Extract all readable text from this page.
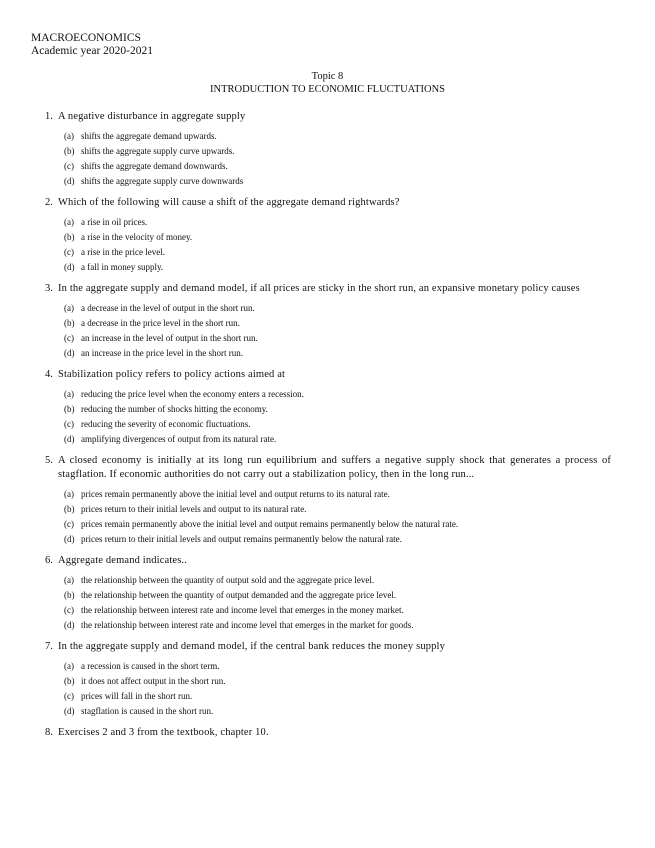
MACROECONOMICS
Academic year 2020-2021
Topic 8
INTRODUCTION TO ECONOMIC FLUCTUATIONS
1. A negative disturbance in aggregate supply
(a) shifts the aggregate demand upwards.
(b) shifts the aggregate supply curve upwards.
(c) shifts the aggregate demand downwards.
(d) shifts the aggregate supply curve downwards
2. Which of the following will cause a shift of the aggregate demand rightwards?
(a) a rise in oil prices.
(b) a rise in the velocity of money.
(c) a rise in the price level.
(d) a fall in money supply.
3. In the aggregate supply and demand model, if all prices are sticky in the short run, an expansive monetary policy causes
(a) a decrease in the level of output in the short run.
(b) a decrease in the price level in the short run.
(c) an increase in the level of output in the short run.
(d) an increase in the price level in the short run.
4. Stabilization policy refers to policy actions aimed at
(a) reducing the price level when the economy enters a recession.
(b) reducing the number of shocks hitting the economy.
(c) reducing the severity of economic fluctuations.
(d) amplifying divergences of output from its natural rate.
5. A closed economy is initially at its long run equilibrium and suffers a negative supply shock that generates a process of stagflation. If economic authorities do not carry out a stabilization policy, then in the long run...
(a) prices remain permanently above the initial level and output returns to its natural rate.
(b) prices return to their initial levels and output to its natural rate.
(c) prices remain permanently above the initial level and output remains permanently below the natural rate.
(d) prices return to their initial levels and output remains permanently below the natural rate.
6. Aggregate demand indicates..
(a) the relationship between the quantity of output sold and the aggregate price level.
(b) the relationship between the quantity of output demanded and the aggregate price level.
(c) the relationship between interest rate and income level that emerges in the money market.
(d) the relationship between interest rate and income level that emerges in the market for goods.
7. In the aggregate supply and demand model, if the central bank reduces the money supply
(a) a recession is caused in the short term.
(b) it does not affect output in the short run.
(c) prices will fall in the short run.
(d) stagflation is caused in the short run.
8. Exercises 2 and 3 from the textbook, chapter 10.
